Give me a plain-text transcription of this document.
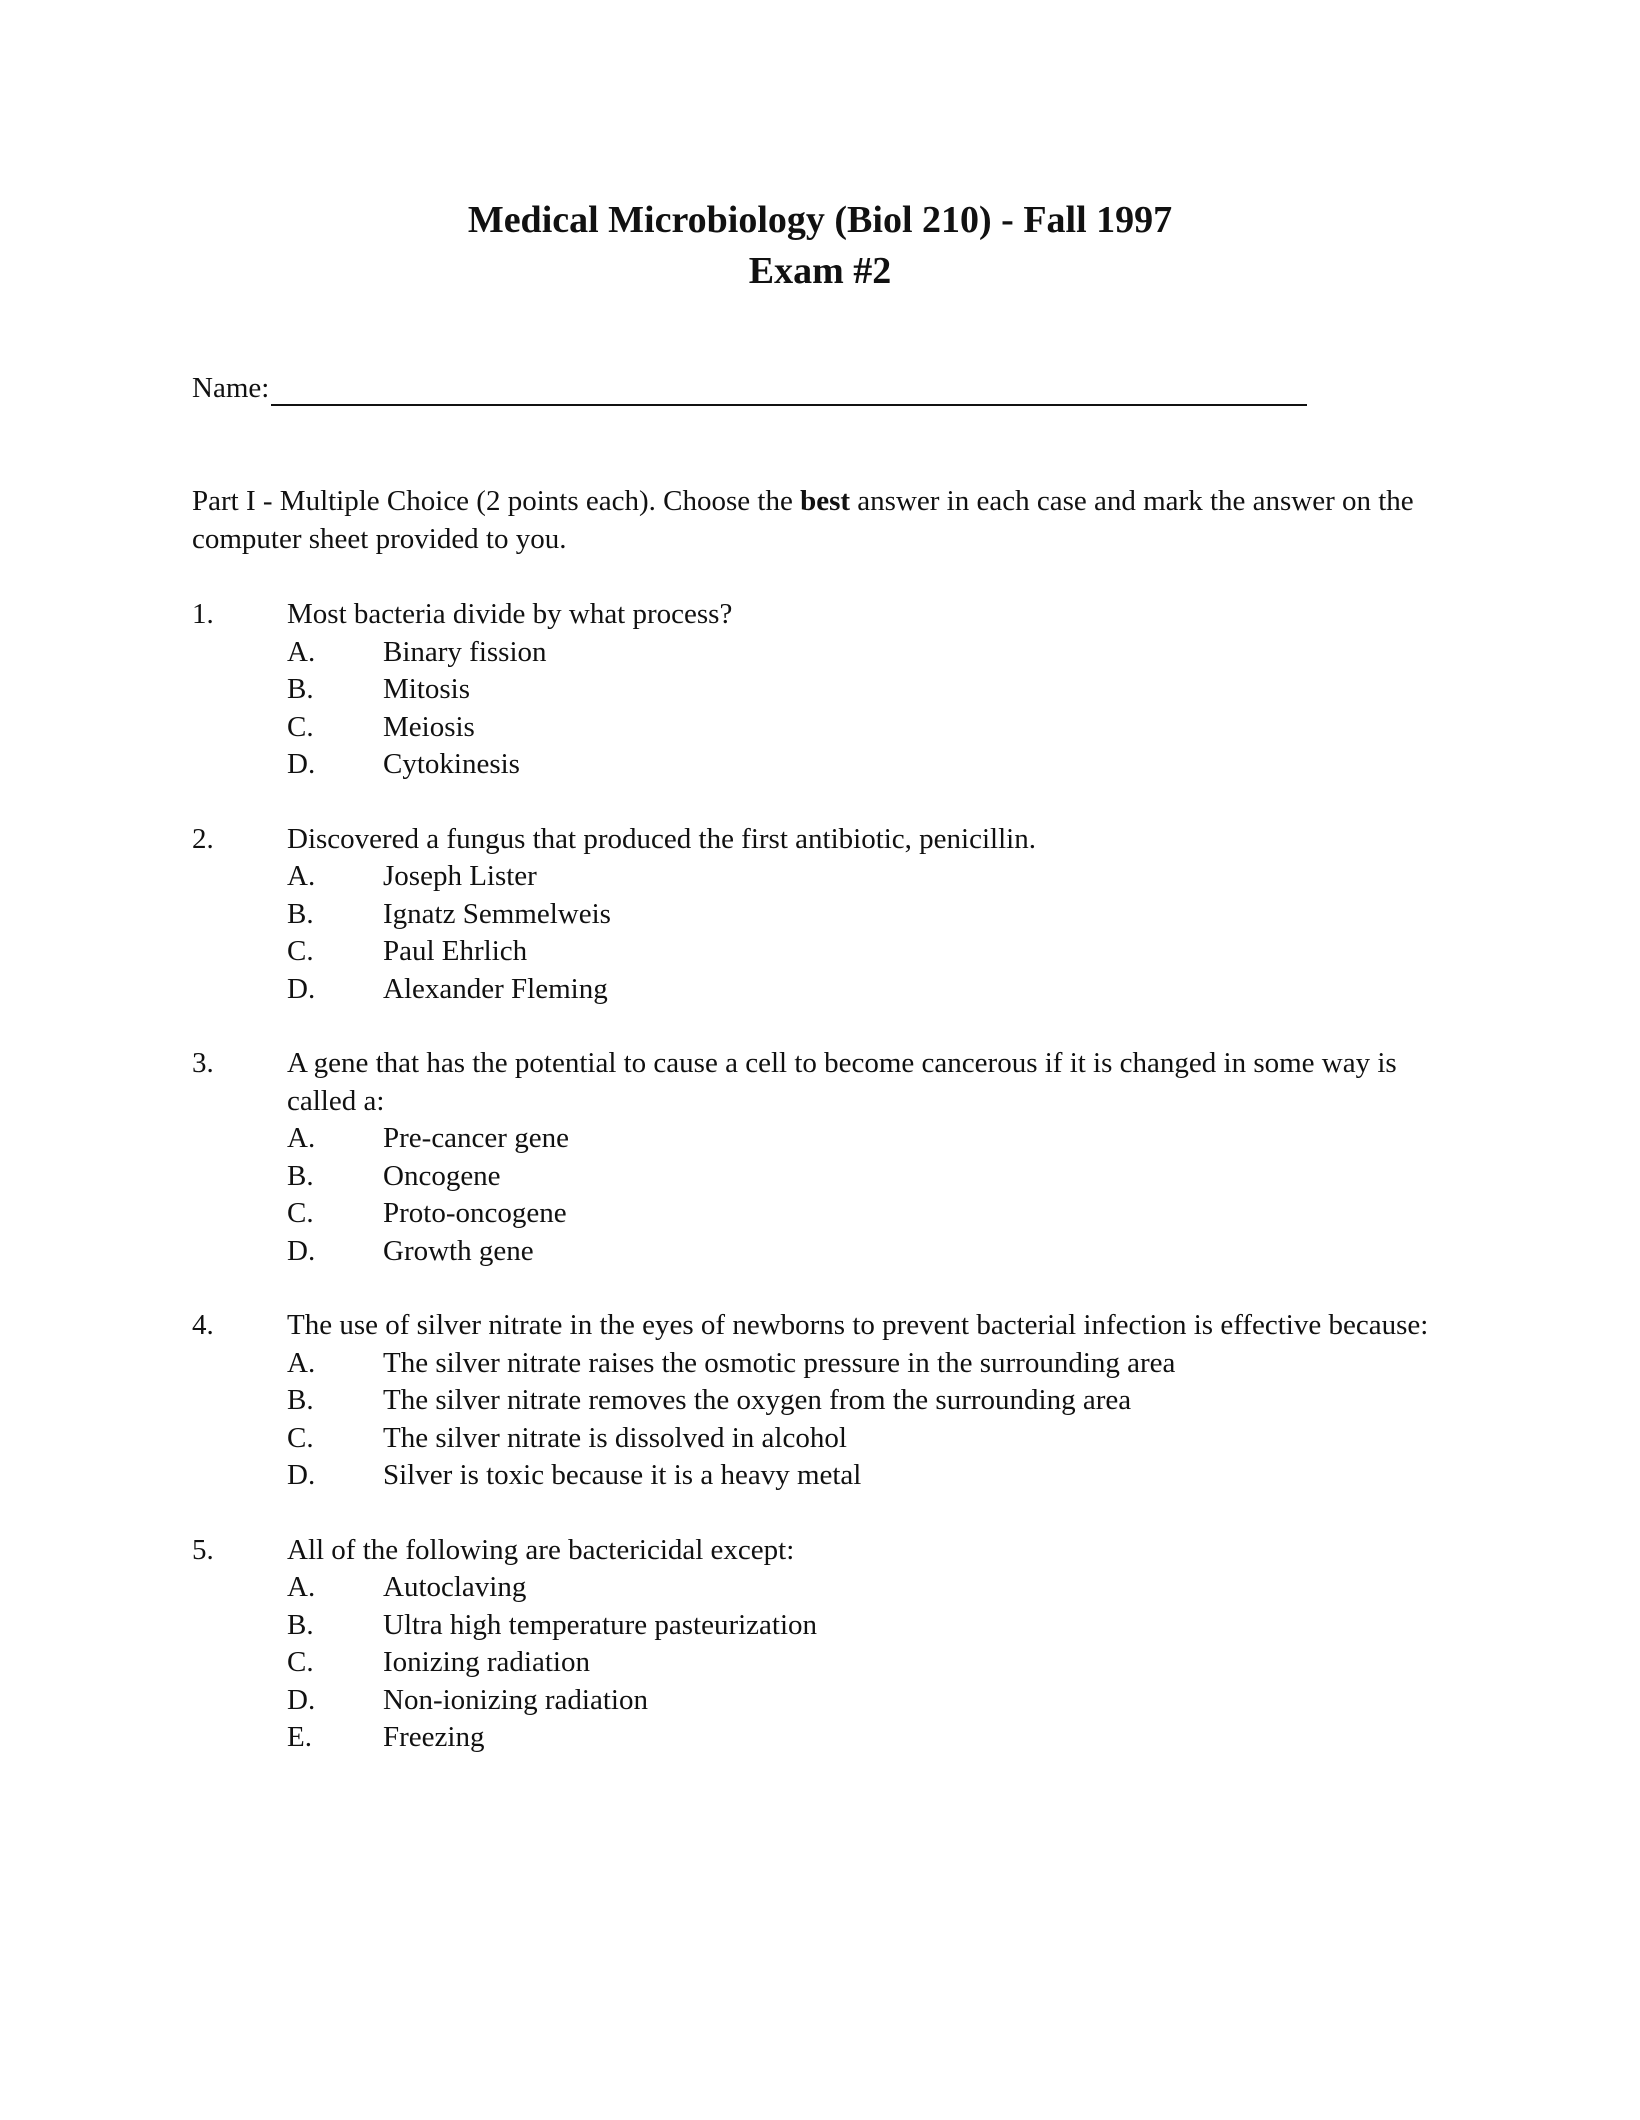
Medical Microbiology (Biol 210) - Fall 1997
Exam #2
Name:
Part I - Multiple Choice (2 points each). Choose the best answer in each case and mark the answer on the computer sheet provided to you.
1.	Most bacteria divide by what process?
A.	Binary fission
B.	Mitosis
C.	Meiosis
D.	Cytokinesis
2.	Discovered a fungus that produced the first antibiotic, penicillin.
A.	Joseph Lister
B.	Ignatz Semmelweis
C.	Paul Ehrlich
D.	Alexander Fleming
3.	A gene that has the potential to cause a cell to become cancerous if it is changed in some way is called a:
A.	Pre-cancer gene
B.	Oncogene
C.	Proto-oncogene
D.	Growth gene
4.	The use of silver nitrate in the eyes of newborns to prevent bacterial infection is effective because:
A.	The silver nitrate raises the osmotic pressure in the surrounding area
B.	The silver nitrate removes the oxygen from the surrounding area
C.	The silver nitrate is dissolved in alcohol
D.	Silver is toxic because it is a heavy metal
5.	All of the following are bactericidal except:
A.	Autoclaving
B.	Ultra high temperature pasteurization
C.	Ionizing radiation
D.	Non-ionizing radiation
E.	Freezing
